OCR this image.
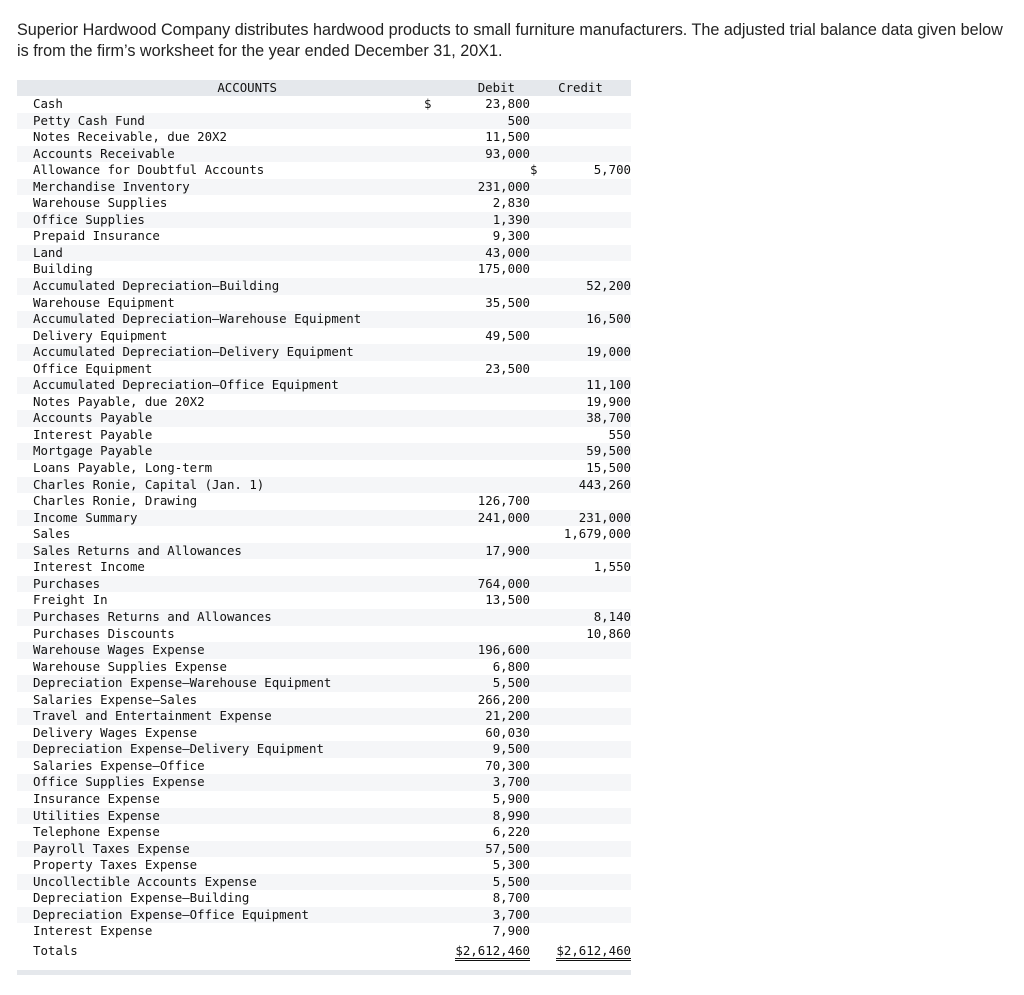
Superior Hardwood Company distributes hardwood products to small furniture manufacturers. The adjusted trial balance data given below is from the firm’s worksheet for the year ended December 31, 20X1.

ACCOUNTS	Debit		Credit	
Cash	$	23,800		
Petty Cash Fund		500		
Notes Receivable, due 20X2		11,500		
Accounts Receivable		93,000		
Allowance for Doubtful Accounts			$	5,700
Merchandise Inventory		231,000		
Warehouse Supplies		2,830		
Office Supplies		1,390		
Prepaid Insurance		9,300		
Land		43,000		
Building		175,000		
Accumulated Depreciation—Building				52,200
Warehouse Equipment		35,500		
Accumulated Depreciation—Warehouse Equipment				16,500
Delivery Equipment		49,500		
Accumulated Depreciation—Delivery Equipment				19,000
Office Equipment		23,500		
Accumulated Depreciation—Office Equipment				11,100
Notes Payable, due 20X2				19,900
Accounts Payable				38,700
Interest Payable				550
Mortgage Payable				59,500
Loans Payable, Long-term				15,500
Charles Ronie, Capital (Jan. 1)				443,260
Charles Ronie, Drawing		126,700		
Income Summary		241,000		231,000
Sales				1,679,000
Sales Returns and Allowances		17,900		
Interest Income				1,550
Purchases		764,000		
Freight In		13,500		
Purchases Returns and Allowances				8,140
Purchases Discounts				10,860
Warehouse Wages Expense		196,600		
Warehouse Supplies Expense		6,800		
Depreciation Expense—Warehouse Equipment		5,500		
Salaries Expense—Sales		266,200		
Travel and Entertainment Expense		21,200		
Delivery Wages Expense		60,030		
Depreciation Expense—Delivery Equipment		9,500		
Salaries Expense—Office		70,300		
Office Supplies Expense		3,700		
Insurance Expense		5,900		
Utilities Expense		8,990		
Telephone Expense		6,220		
Payroll Taxes Expense		57,500		
Property Taxes Expense		5,300		
Uncollectible Accounts Expense		5,500		
Depreciation Expense—Building		8,700		
Depreciation Expense—Office Equipment		3,700		
Interest Expense		7,900		
Totals	$2,612,460		$2,612,460	
